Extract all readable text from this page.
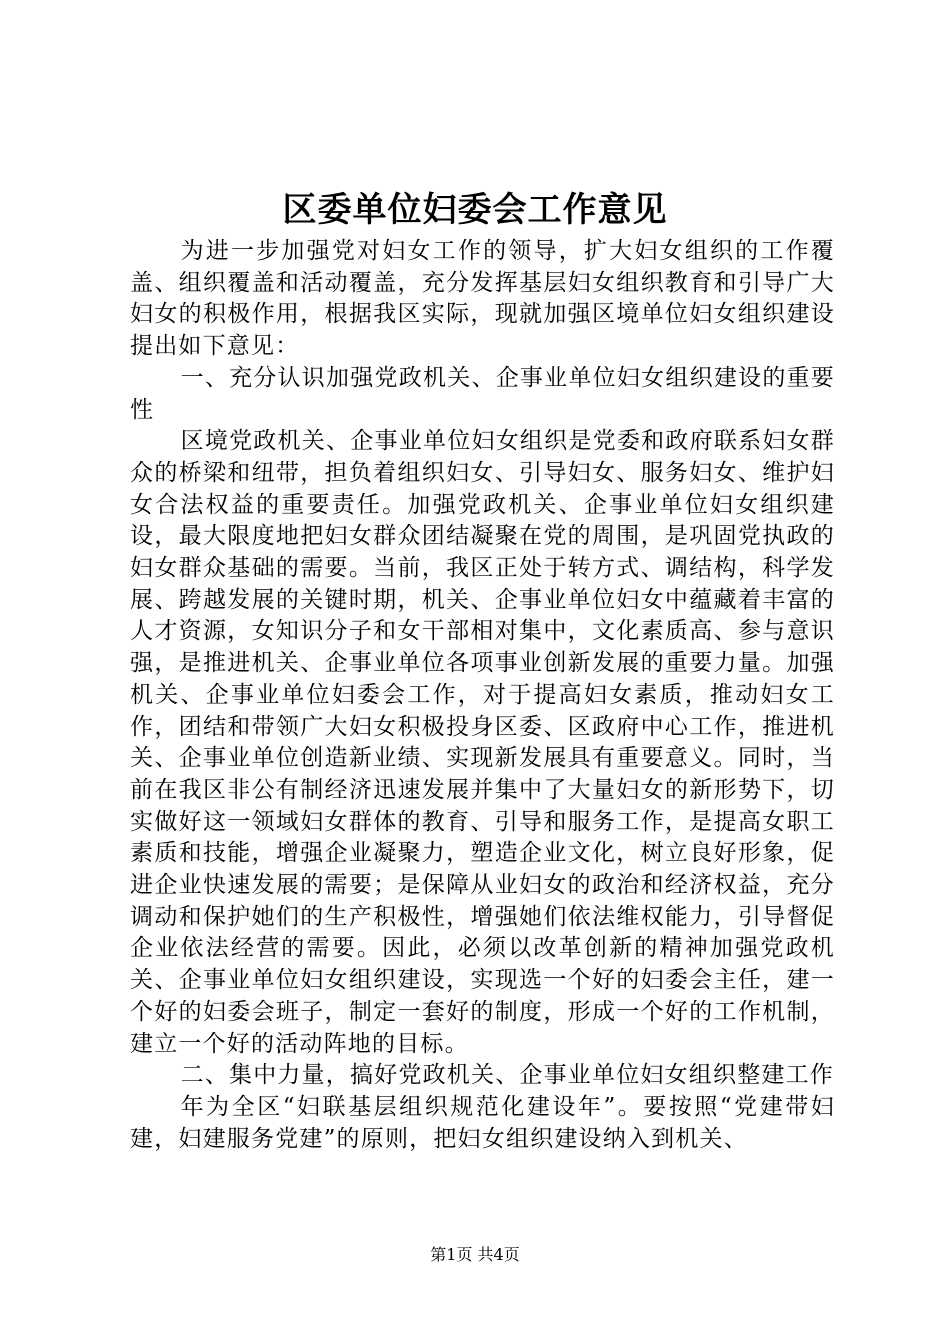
区委单位妇委会工作意见

为进一步加强党对妇女工作的领导，扩大妇女组织的工作覆盖、组织覆盖和活动覆盖，充分发挥基层妇女组织教育和引导广大妇女的积极作用，根据我区实际，现就加强区境单位妇女组织建设提出如下意见：

一、充分认识加强党政机关、企事业单位妇女组织建设的重要性

区境党政机关、企事业单位妇女组织是党委和政府联系妇女群众的桥梁和纽带，担负着组织妇女、引导妇女、服务妇女、维护妇女合法权益的重要责任。加强党政机关、企事业单位妇女组织建设，最大限度地把妇女群众团结凝聚在党的周围，是巩固党执政的妇女群众基础的需要。当前，我区正处于转方式、调结构，科学发展、跨越发展的关键时期，机关、企事业单位妇女中蕴藏着丰富的人才资源，女知识分子和女干部相对集中，文化素质高、参与意识强，是推进机关、企事业单位各项事业创新发展的重要力量。加强机关、企事业单位妇委会工作，对于提高妇女素质，推动妇女工作，团结和带领广大妇女积极投身区委、区政府中心工作，推进机关、企事业单位创造新业绩、实现新发展具有重要意义。同时，当前在我区非公有制经济迅速发展并集中了大量妇女的新形势下，切实做好这一领域妇女群体的教育、引导和服务工作，是提高女职工素质和技能，增强企业凝聚力，塑造企业文化，树立良好形象，促进企业快速发展的需要；是保障从业妇女的政治和经济权益，充分调动和保护她们的生产积极性，增强她们依法维权能力，引导督促企业依法经营的需要。因此，必须以改革创新的精神加强党政机关、企事业单位妇女组织建设，实现选一个好的妇委会主任，建一个好的妇委会班子，制定一套好的制度，形成一个好的工作机制，建立一个好的活动阵地的目标。

二、集中力量，搞好党政机关、企事业单位妇女组织整建工作

年为全区“妇联基层组织规范化建设年”。要按照“党建带妇建，妇建服务党建”的原则，把妇女组织建设纳入到机关、

第1页 共4页
